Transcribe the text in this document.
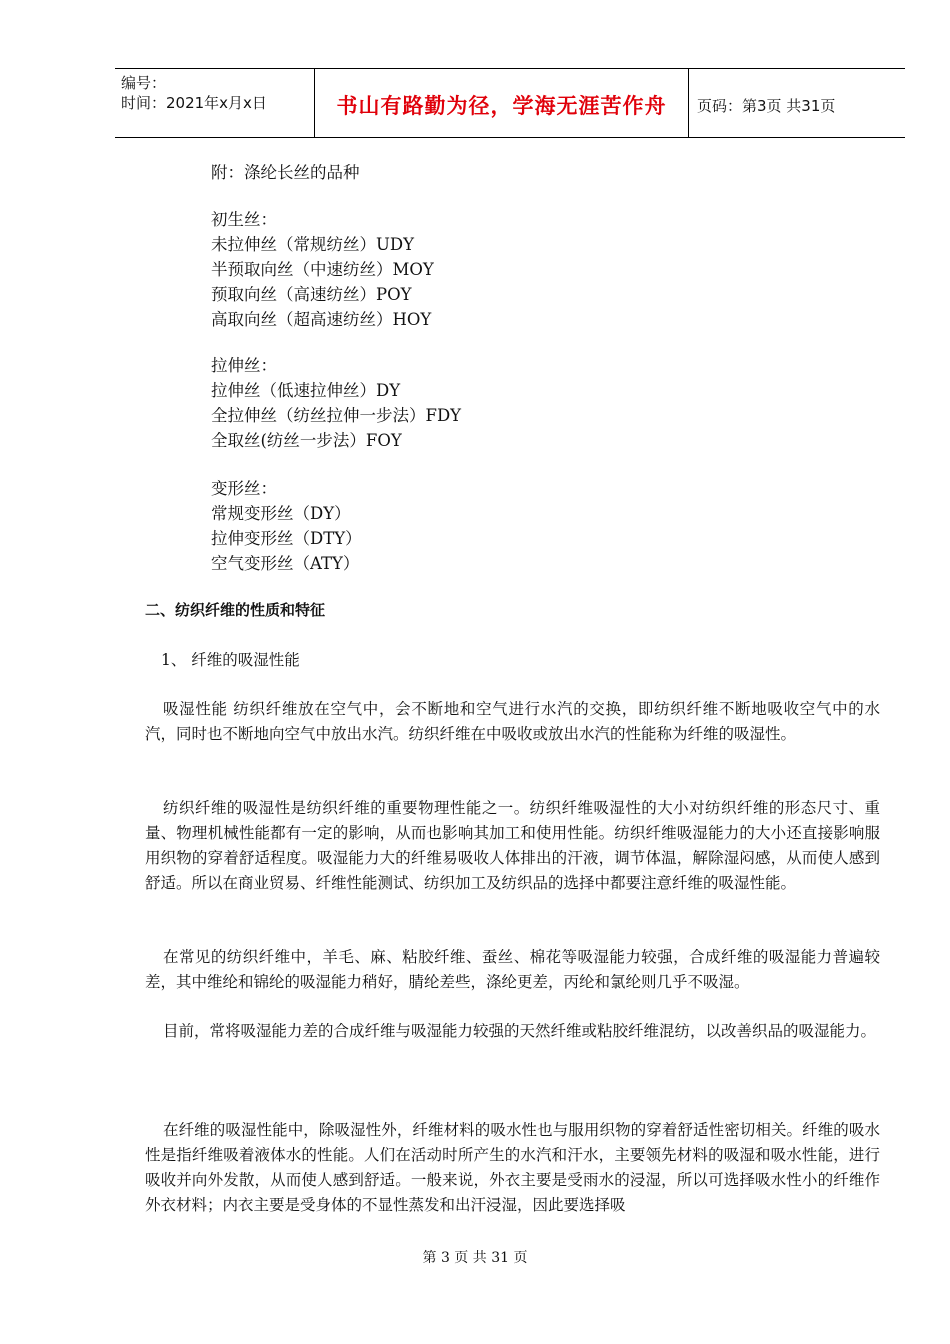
编号：
时间：2021年x月x日	书山有路勤为径，学海无涯苦作舟 页码：第3页 共31页

附：涤纶长丝的品种

初生丝：

未拉伸丝（常规纺丝）UDY

半预取向丝（中速纺丝）MOY

预取向丝（高速纺丝）POY

高取向丝（超高速纺丝）HOY

拉伸丝：

拉伸丝（低速拉伸丝）DY

全拉伸丝（纺丝拉伸一步法）FDY

全取丝(纺丝一步法）FOY

变形丝：

常规变形丝（DY）

拉伸变形丝（DTY）

空气变形丝（ATY）

二、纺织纤维的性质和特征
1、 纤维的吸湿性能

吸湿性能 纺织纤维放在空气中，会不断地和空气进行水汽的交换，即纺织纤维不断地吸收空气中的水汽，同时也不断地向空气中放出水汽。纺织纤维在中吸收或放出水汽的性能称为纤维的吸湿性。

纺织纤维的吸湿性是纺织纤维的重要物理性能之一。纺织纤维吸湿性的大小对纺织纤维的形态尺寸、重量、物理机械性能都有一定的影响，从而也影响其加工和使用性能。纺织纤维吸湿能力的大小还直接影响服用织物的穿着舒适程度。吸湿能力大的纤维易吸收人体排出的汗液，调节体温，解除湿闷感，从而使人感到舒适。所以在商业贸易、纤维性能测试、纺织加工及纺织品的选择中都要注意纤维的吸湿性能。

在常见的纺织纤维中，羊毛、麻、粘胶纤维、蚕丝、棉花等吸湿能力较强，合成纤维的吸湿能力普遍较差，其中维纶和锦纶的吸湿能力稍好，腈纶差些，涤纶更差，丙纶和氯纶则几乎不吸湿。

目前，常将吸湿能力差的合成纤维与吸湿能力较强的天然纤维或粘胶纤维混纺，以改善织品的吸湿能力。

在纤维的吸湿性能中，除吸湿性外，纤维材料的吸水性也与服用织物的穿着舒适性密切相关。纤维的吸水性是指纤维吸着液体水的性能。人们在活动时所产生的水汽和汗水，主要领先材料的吸湿和吸水性能，进行吸收并向外发散，从而使人感到舒适。一般来说，外衣主要是受雨水的浸湿，所以可选择吸水性小的纤维作外衣材料；内衣主要是受身体的不显性蒸发和出汗浸湿，因此要选择吸

第 3 页 共 31 页
